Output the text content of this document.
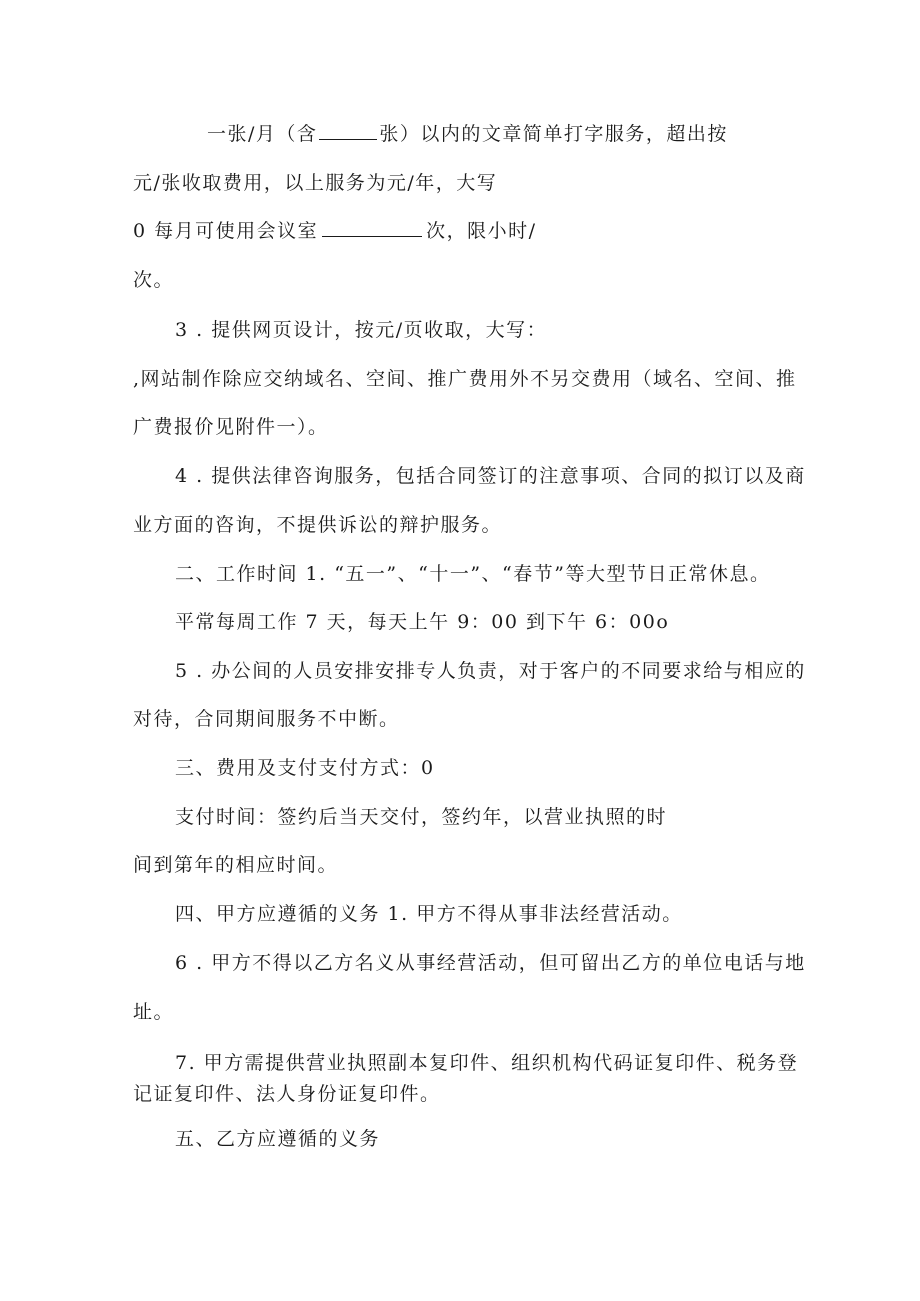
一张/月（含	张）以内的文章简单打字服务，超出按
元/张收取费用，以上服务为元/年，大写
0 每月可使用会议室	次，限小时/
次。
3 . 提供网页设计，按元/页收取，大写：
,网站制作除应交纳域名、空间、推广费用外不另交费用（域名、空间、推
广费报价见附件一）。
4 . 提供法律咨询服务，包括合同签订的注意事项、合同的拟订以及商
业方面的咨询，不提供诉讼的辩护服务。
二、工作时间 1. “五一”、“十一”、“春节”等大型节日正常休息。
平常每周工作 7 天，每天上午 9：00 到下午 6：00o
5 . 办公间的人员安排安排专人负责，对于客户的不同要求给与相应的
对待，合同期间服务不中断。
三、费用及支付支付方式：0
支付时间：签约后当天交付，签约年，以营业执照的时
间到第年的相应时间。
四、甲方应遵循的义务 1. 甲方不得从事非法经营活动。
6 . 甲方不得以乙方名义从事经营活动，但可留出乙方的单位电话与地
址。
7. 甲方需提供营业执照副本复印件、组织机构代码证复印件、税务登
记证复印件、法人身份证复印件。
五、乙方应遵循的义务
